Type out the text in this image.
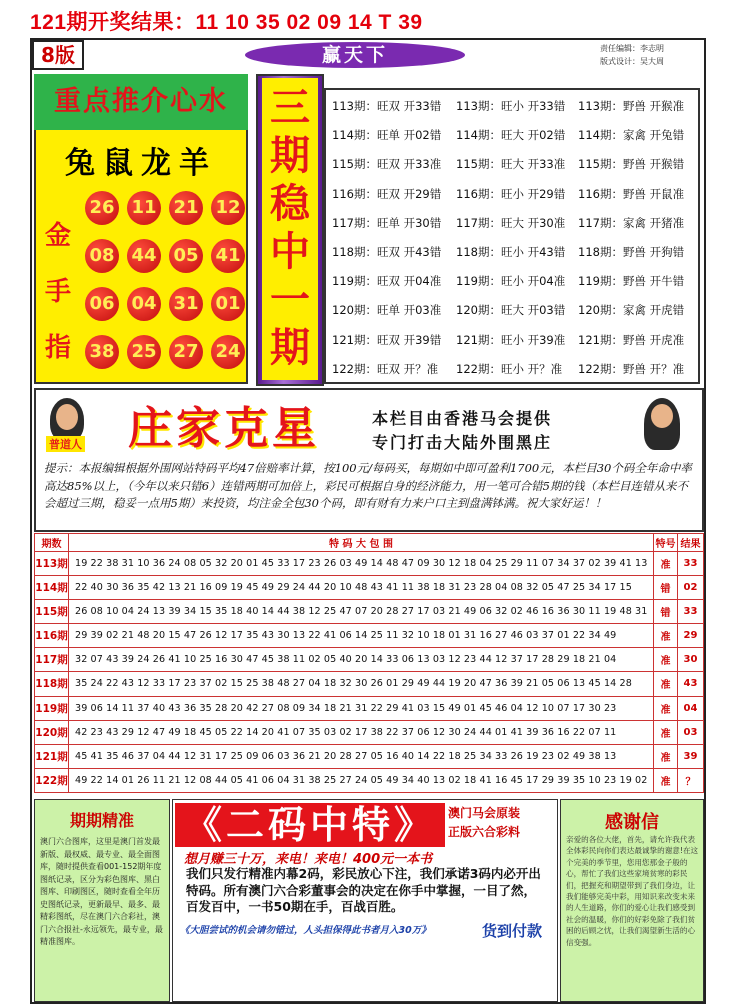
121期开奖结果：11 10 35 02 09 14 T 39
8版	赢天下	责任编辑：李志明
版式设计：吴大周
重点推介心水
兔鼠龙羊
金
手
指
26 11 21 12
08 44 05 41
06 04 31 01
38 25 27 24
三
期
稳
中
一
期
113期：旺双 开33错 113期：旺小 开33错 113期：野兽 开猴准
114期：旺单 开02错 114期：旺大 开02错 114期：家禽 开兔错
115期：旺双 开33准 115期：旺大 开33准 115期：野兽 开猴错
116期：旺双 开29错 116期：旺小 开29错 116期：野兽 开鼠准
117期：旺单 开30错 117期：旺大 开30准 117期：家禽 开猪准
118期：旺双 开43错 118期：旺小 开43错 118期：野兽 开狗错
119期：旺双 开04准 119期：旺小 开04准 119期：野兽 开牛错
120期：旺单 开03准 120期：旺大 开03错 120期：家禽 开虎错
121期：旺双 开39错 121期：旺小 开39准 121期：野兽 开虎准
122期：旺双 开？准 122期：旺小 开？准 122期：野兽 开？准
普道人 庄家克星	本栏目由香港马会提供
专门打击大陆外围黑庄
提示：本报编辑根据外围网站特码平均47倍赔率计算，按100元/每码买，每期如中即可盈利1700元，本栏目30个码全年命中率高达85%以上，（今年以来只错6）连错两期可加倍上，彩民可根据自身的经济能力，用一笔可合错5期的钱（本栏目连错从来不会超过三期，稳妥一点用5期）来投资，均注金全包30个码，即有财有力来户口主到盘满钵满。祝大家好运！！
期数	特 码 大 包 围	特号	结果
113期	19 22 38 31 10 36 24 08 05 32 20 01 45 33 17 23 26 03 49 14 48 47 09 30 12 18 04 25 29 11 07 34 37 02 39 41 13	准	33
114期	22 40 30 36 35 42 13 21 16 09 19 45 49 29 24 44 20 10 48 43 41 11 38 18 31 23 28 04 08 32 05 47 25 34 17 15	错	02
115期	26 08 10 04 24 13 39 34 15 35 18 40 14 44 38 12 25 47 07 20 28 27 17 03 21 49 06 32 02 46 16 36 30 11 19 48 31	错	33
116期	29 39 02 21 48 20 15 47 26 12 17 35 43 30 13 22 41 06 14 25 11 32 10 18 01 31 16 27 46 03 37 01 22 34 49	准	29
117期	32 07 43 39 24 26 41 10 25 16 30 47 45 38 11 02 05 40 20 14 33 06 13 03 12 23 44 12 37 17 28 29 18 21 04	准	30
118期	35 24 22 43 12 33 17 23 37 02 15 25 38 48 27 04 18 32 30 26 01 29 49 44 19 20 47 36 39 21 05 06 13 45 14 28	准	43
119期	39 06 14 11 37 40 43 36 35 28 20 42 27 08 09 34 18 21 31 22 29 41 03 15 49 01 45 46 04 12 10 07 17 30 23	准	04
120期	42 23 43 29 12 47 49 18 45 05 22 14 20 41 07 35 03 02 17 38 22 37 06 12 30 24 44 01 41 39 36 16 22 07 11	准	03
121期	45 41 35 46 37 04 44 12 31 17 25 09 06 03 36 21 20 28 27 05 16 40 14 22 18 25 34 33 26 19 23 02 49 38 13	准	39
122期	49 22 14 01 26 11 21 12 08 44 05 41 06 04 31 38 25 27 24 05 49 34 40 13 02 18 41 16 45 17 29 39 35 10 23 19 02	准	？
期期精准
澳门六合图库，这里是澳门首发最新版、最权威、最专业、最全面图库，随时提供查看001-152期年度图纸记录，区分为彩色图库、黑白图库、印刷图区，随时查看全年历史图纸记录，更新最早、最多、最精彩图纸，尽在澳门六合彩社，澳门六合报社-永远领先，最专业，最精准图库。
《二码中特》	澳门马会原装
正版六合彩料
想月赚三十万，来电！来电！400元一本书
我们只发行精准内幕2码，彩民放心下注，我们承诺3码内必开出特码。所有澳门六合彩董事会的决定在你手中掌握，一目了然，百发百中，一书50期在手，百战百胜。
《大胆尝试的机会请勿错过，人头担保得此书者月入30万》	货到付款
感谢信
亲爱的各位大佬，首先，请允许我代表全体彩民向你们表达最诚挚的谢意!在这个完美的季节里，您用您那金子般的心，帮忙了我们这些家境贫寒的彩民们，把握充和期望带到了我们身边，让我们能够完美中彩，用知识来改变未来的人生道路，你们的爱心让我们感受到社会的温暖，你们的好彩免除了我们贫困的后顾之忧，让我们渴望新生活的心信变强。
